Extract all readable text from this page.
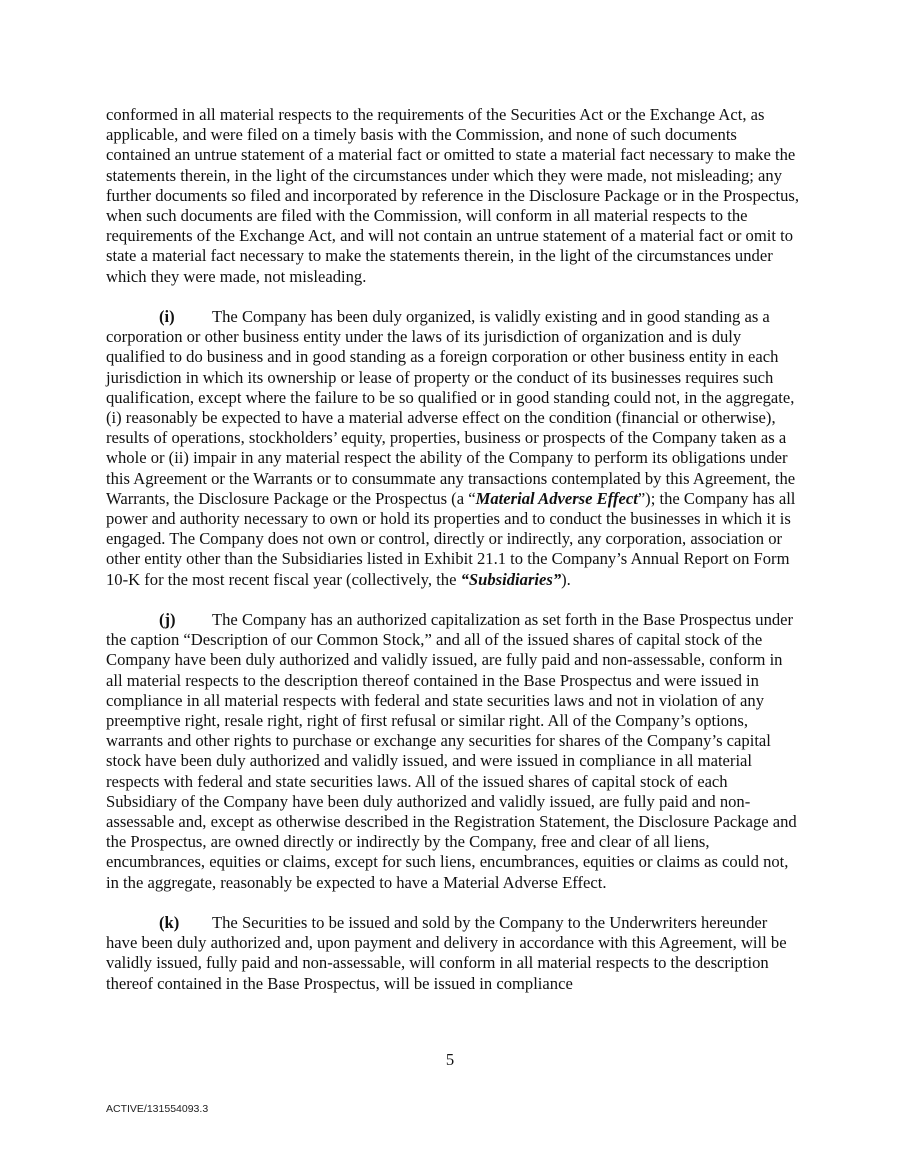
conformed in all material respects to the requirements of the Securities Act or the Exchange Act, as applicable, and were filed on a timely basis with the Commission, and none of such documents contained an untrue statement of a material fact or omitted to state a material fact necessary to make the statements therein, in the light of the circumstances under which they were made, not misleading; any further documents so filed and incorporated by reference in the Disclosure Package or in the Prospectus, when such documents are filed with the Commission, will conform in all material respects to the requirements of the Exchange Act, and will not contain an untrue statement of a material fact or omit to state a material fact necessary to make the statements therein, in the light of the circumstances under which they were made, not misleading.

(i) The Company has been duly organized, is validly existing and in good standing as a corporation or other business entity under the laws of its jurisdiction of organization and is duly qualified to do business and in good standing as a foreign corporation or other business entity in each jurisdiction in which its ownership or lease of property or the conduct of its businesses requires such qualification, except where the failure to be so qualified or in good standing could not, in the aggregate, (i) reasonably be expected to have a material adverse effect on the condition (financial or otherwise), results of operations, stockholders’ equity, properties, business or prospects of the Company taken as a whole or (ii) impair in any material respect the ability of the Company to perform its obligations under this Agreement or the Warrants or to consummate any transactions contemplated by this Agreement, the Warrants, the Disclosure Package or the Prospectus (a “Material Adverse Effect”); the Company has all power and authority necessary to own or hold its properties and to conduct the businesses in which it is engaged. The Company does not own or control, directly or indirectly, any corporation, association or other entity other than the Subsidiaries listed in Exhibit 21.1 to the Company’s Annual Report on Form 10-K for the most recent fiscal year (collectively, the “Subsidiaries”).

(j) The Company has an authorized capitalization as set forth in the Base Prospectus under the caption “Description of our Common Stock,” and all of the issued shares of capital stock of the Company have been duly authorized and validly issued, are fully paid and non-assessable, conform in all material respects to the description thereof contained in the Base Prospectus and were issued in compliance in all material respects with federal and state securities laws and not in violation of any preemptive right, resale right, right of first refusal or similar right. All of the Company’s options, warrants and other rights to purchase or exchange any securities for shares of the Company’s capital stock have been duly authorized and validly issued, and were issued in compliance in all material respects with federal and state securities laws. All of the issued shares of capital stock of each Subsidiary of the Company have been duly authorized and validly issued, are fully paid and non-assessable and, except as otherwise described in the Registration Statement, the Disclosure Package and the Prospectus, are owned directly or indirectly by the Company, free and clear of all liens, encumbrances, equities or claims, except for such liens, encumbrances, equities or claims as could not, in the aggregate, reasonably be expected to have a Material Adverse Effect.

(k) The Securities to be issued and sold by the Company to the Underwriters hereunder have been duly authorized and, upon payment and delivery in accordance with this Agreement, will be validly issued, fully paid and non-assessable, will conform in all material respects to the description thereof contained in the Base Prospectus, will be issued in compliance

5
ACTIVE/131554093.3
